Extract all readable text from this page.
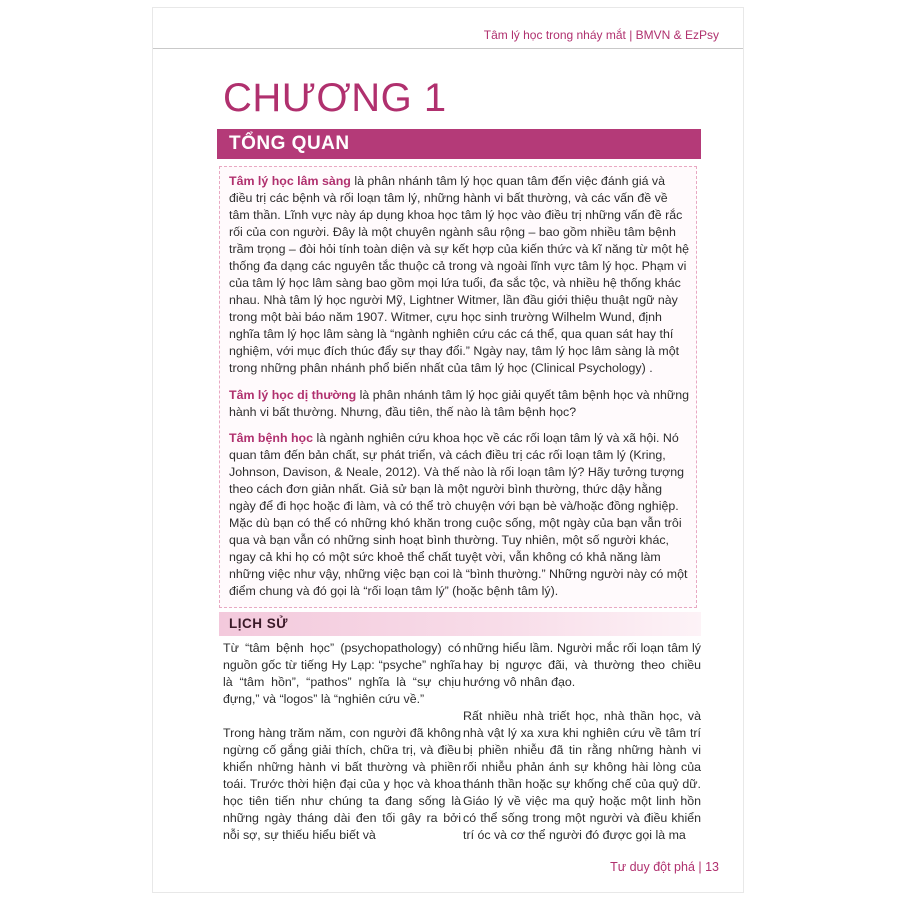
Tâm lý học trong nháy mắt | BMVN & EzPsy
CHƯƠNG 1
TỔNG QUAN
Tâm lý học lâm sàng là phân nhánh tâm lý học quan tâm đến việc đánh giá và điều trị các bệnh và rối loạn tâm lý, những hành vi bất thường, và các vấn đề về tâm thần. Lĩnh vực này áp dụng khoa học tâm lý học vào điều trị những vấn đề rắc rối của con người. Đây là một chuyên ngành sâu rộng – bao gồm nhiều tâm bệnh trầm trọng – đòi hỏi tính toàn diện và sự kết hợp của kiến thức và kĩ năng từ một hệ thống đa dạng các nguyên tắc thuộc cả trong và ngoài lĩnh vực tâm lý học. Phạm vi của tâm lý học lâm sàng bao gồm mọi lứa tuổi, đa sắc tộc, và nhiều hệ thống khác nhau. Nhà tâm lý học người Mỹ, Lightner Witmer, lần đầu giới thiệu thuật ngữ này trong một bài báo năm 1907. Witmer, cựu học sinh trường Wilhelm Wund, định nghĩa tâm lý học lâm sàng là “ngành nghiên cứu các cá thể, qua quan sát hay thí nghiệm, với mục đích thúc đẩy sự thay đổi.” Ngày nay, tâm lý học lâm sàng là một trong những phân nhánh phổ biến nhất của tâm lý học (Clinical Psychology) .
Tâm lý học dị thường là phân nhánh tâm lý học giải quyết tâm bệnh học và những hành vi bất thường. Nhưng, đầu tiên, thế nào là tâm bệnh học?
Tâm bệnh học là ngành nghiên cứu khoa học về các rối loạn tâm lý và xã hội. Nó quan tâm đến bản chất, sự phát triển, và cách điều trị các rối loạn tâm lý (Kring, Johnson, Davison, & Neale, 2012). Và thế nào là rối loạn tâm lý? Hãy tưởng tượng theo cách đơn giản nhất. Giả sử bạn là một người bình thường, thức dậy hằng ngày để đi học hoặc đi làm, và có thể trò chuyện với bạn bè và/hoặc đồng nghiệp. Mặc dù bạn có thể có những khó khăn trong cuộc sống, một ngày của bạn vẫn trôi qua và bạn vẫn có những sinh hoạt bình thường. Tuy nhiên, một số người khác, ngay cả khi họ có một sức khoẻ thể chất tuyệt vời, vẫn không có khả năng làm những việc như vậy, những việc bạn coi là “bình thường.” Những người này có một điểm chung và đó gọi là “rối loạn tâm lý” (hoặc bệnh tâm lý).
LỊCH SỬ

Từ “tâm bệnh học” (psychopathology) có nguồn gốc từ tiếng Hy Lạp: “psyche” nghĩa là “tâm hồn”, “pathos” nghĩa là “sự chịu đựng,” và “logos” là “nghiên cứu về.”

Trong hàng trăm năm, con người đã không ngừng cố gắng giải thích, chữa trị, và điều khiển những hành vi bất thường và phiền toái. Trước thời hiện đại của y học và khoa học tiên tiến như chúng ta đang sống là những ngày tháng dài đen tối gây ra bởi nỗi sợ, sự thiếu hiểu biết và

những hiểu lầm. Người mắc rối loạn tâm lý hay bị ngược đãi, và thường theo chiều hướng vô nhân đạo.

Rất nhiều nhà triết học, nhà thần học, và nhà vật lý xa xưa khi nghiên cứu về tâm trí bị phiền nhiễu đã tin rằng những hành vi rối nhiễu phản ánh sự không hài lòng của thánh thần hoặc sự khống chế của quỷ dữ. Giáo lý về việc ma quỷ hoặc một linh hồn có thể sống trong một người và điều khiển trí óc và cơ thể người đó được gọi là ma

Tư duy đột phá | 13
